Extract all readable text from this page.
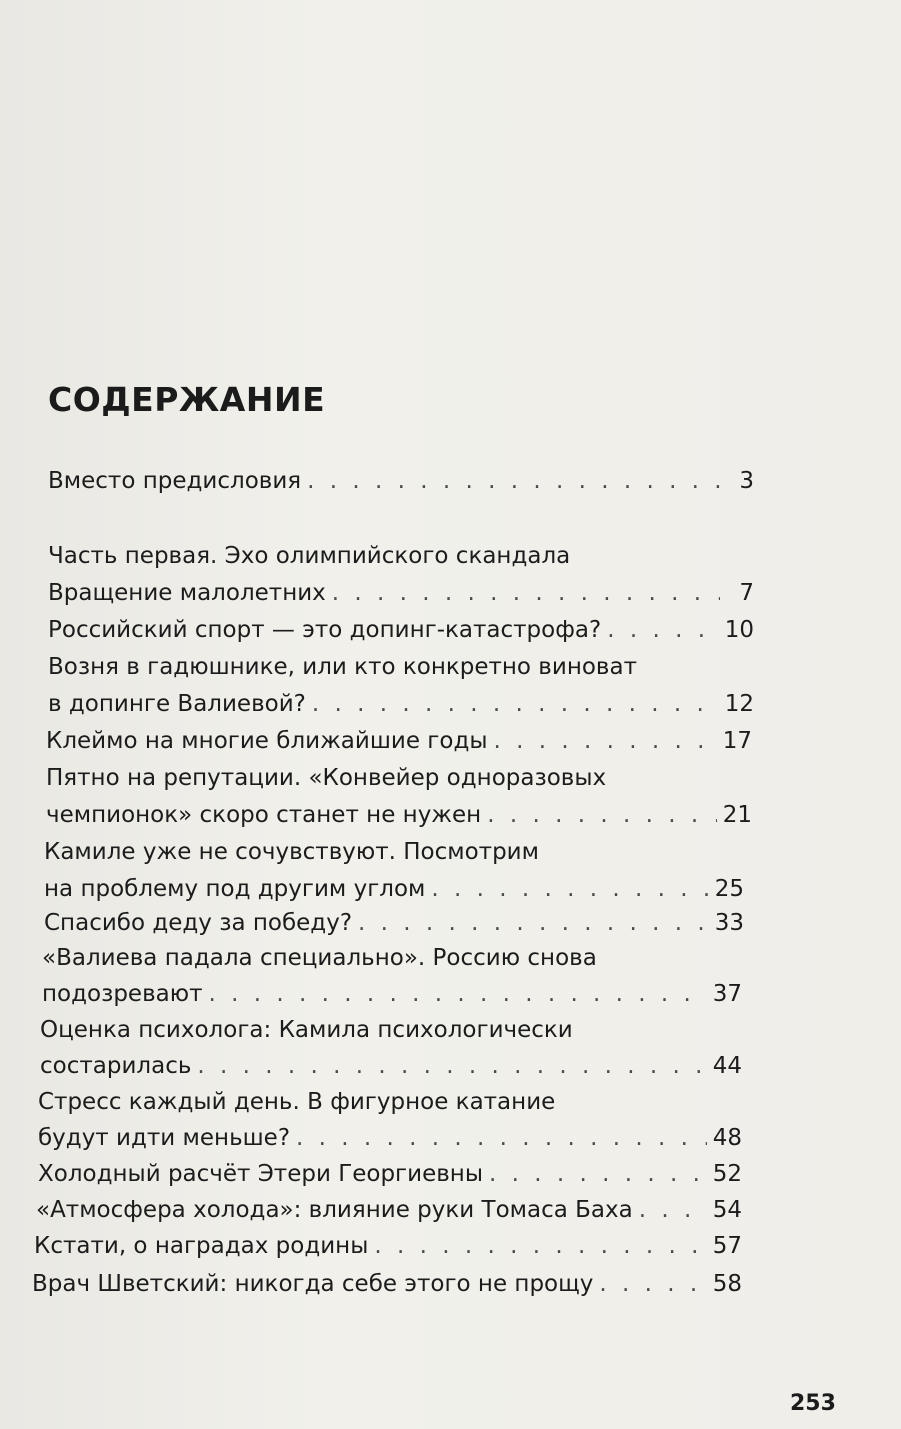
СОДЕРЖАНИЕ
Вместо предисловия . . .	3
Часть первая. Эхо олимпийского скандала
Вращение малолетних . . .	7
Российский спорт — это допинг-катастрофа? . . .	10
Возня в гадюшнике, или кто конкретно виноват
в допинге Валиевой? . . .	12
Клеймо на многие ближайшие годы . . .	17
Пятно на репутации. «Конвейер одноразовых
чемпионок» скоро станет не нужен . . .	21
Камиле уже не сочувствуют. Посмотрим
на проблему под другим углом . . .	25
Спасибо деду за победу? . . .	33
«Валиева падала специально». Россию снова
подозревают . . .	37
Оценка психолога: Камила психологически
состарилась . . .	44
Стресс каждый день. В фигурное катание
будут идти меньше? . . .	48
Холодный расчёт Этери Георгиевны . . .	52
«Атмосфера холода»: влияние руки Томаса Баха . . .	54
Кстати, о наградах родины . . .	57
Врач Шветский: никогда себе этого не прощу . . .	58
253
